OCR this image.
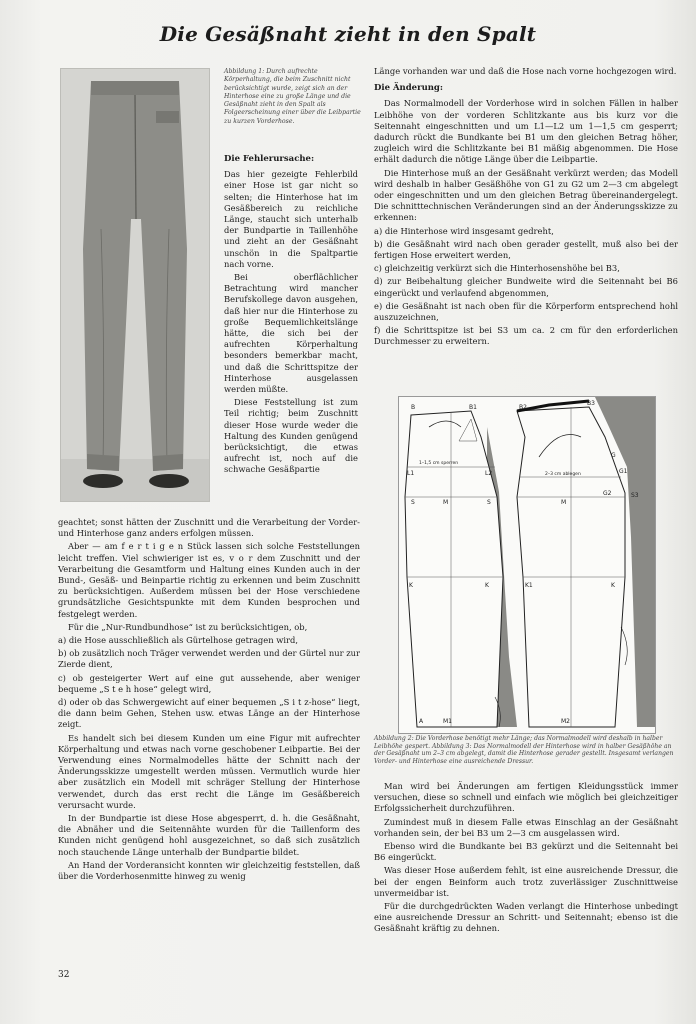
Die Gesäßnaht zieht in den Spalt
Abbildung 1: Durch aufrechte Körperhaltung, die beim Zuschnitt nicht berücksichtigt wurde, zeigt sich an der Hinterhose eine zu große Länge und die Gesäßnaht zieht in den Spalt als Folgeerscheinung einer über die Leibpartie zu kurzen Vorderhose.
Die Fehlerursache:

Das hier gezeigte Fehlerbild einer Hose ist gar nicht so selten; die Hinterhose hat im Gesäßbereich zu reichliche Länge, staucht sich unterhalb der Bundpartie in Taillenhöhe und zieht an der Gesäßnaht unschön in die Spaltpartie nach vorne.

Bei oberflächlicher Betrachtung wird mancher Berufskollege davon ausgehen, daß hier nur die Hinterhose zu große Bequemlichkeitslänge hätte, die sich bei der aufrechten Körperhaltung besonders bemerkbar macht, und daß die Schrittspitze der Hinterhose ausgelassen werden müßte.

Diese Feststellung ist zum Teil richtig; beim Zuschnitt dieser Hose wurde weder die Haltung des Kunden genügend berücksichtigt, die etwas aufrecht ist, noch auf die schwache Gesäßpartie

geachtet; sonst hätten der Zuschnitt und die Verarbeitung der Vorder- und Hinterhose ganz anders erfolgen müssen.

Aber — am f e r t i g e n Stück lassen sich solche Feststellungen leicht treffen. Viel schwieriger ist es, v o r dem Zuschnitt und der Verarbeitung die Gesamtform und Haltung eines Kunden auch in der Bund-, Gesäß- und Beinpartie richtig zu erkennen und beim Zuschnitt zu berücksichtigen. Außerdem müssen bei der Hose verschiedene grundsätzliche Gesichtspunkte mit dem Kunden besprochen und festgelegt werden.

Für die „Nur-Rundbundhose“ ist zu berücksichtigen, ob,

a) die Hose ausschließlich als Gürtelhose getragen wird,

b) ob zusätzlich noch Träger verwendet werden und der Gürtel nur zur Zierde dient,

c) ob gesteigerter Wert auf eine gut aussehende, aber weniger bequeme „S t e h hose“ gelegt wird,

d) oder ob das Schwergewicht auf einer bequemen „S i t z-hose“ liegt, die dann beim Gehen, Stehen usw. etwas Länge an der Hinterhose zeigt.

Es handelt sich bei diesem Kunden um eine Figur mit aufrechter Körperhaltung und etwas nach vorne geschobener Leibpartie. Bei der Verwendung eines Normalmodelles hätte der Schnitt nach der Änderungsskizze umgestellt werden müssen. Vermutlich wurde hier aber zusätzlich ein Modell mit schräger Stellung der Hinterhose verwendet, durch das erst recht die Länge im Gesäßbereich verursacht wurde.

In der Bundpartie ist diese Hose abgesperrt, d. h. die Gesäßnaht, die Abnäher und die Seitennähte wurden für die Taillenform des Kunden nicht genügend hohl ausgezeichnet, so daß sich zusätzlich noch stauchende Länge unterhalb der Bundpartie bildet.

An Hand der Vorderansicht konnten wir gleichzeitig feststellen, daß über die Vorderhosenmitte hinweg zu wenig

Länge vorhanden war und daß die Hose nach vorne hochgezogen wird.

Die Änderung:

Das Normalmodell der Vorderhose wird in solchen Fällen in halber Leibhöhe von der vorderen Schlitzkante aus bis kurz vor die Seitennaht eingeschnitten und um L1—L2 um 1—1,5 cm gesperrt; dadurch rückt die Bundkante bei B1 um den gleichen Betrag höher, zugleich wird die Schlitzkante bei B1 mäßig abgenommen. Die Hose erhält dadurch die nötige Länge über die Leibpartie.

Die Hinterhose muß an der Gesäßnaht verkürzt werden; das Modell wird deshalb in halber Gesäßhöhe von G1 zu G2 um 2—3 cm abgelegt oder eingeschnitten und um den gleichen Betrag übereinandergelegt. Die schnitttechnischen Veränderungen sind an der Änderungsskizze zu erkennen:

a) die Hinterhose wird insgesamt gedreht,

b) die Gesäßnaht wird nach oben gerader gestellt, muß also bei der fertigen Hose erweitert werden,

c) gleichzeitig verkürzt sich die Hinterhosenshöhe bei B3,

d) zur Beibehaltung gleicher Bundweite wird die Seitennaht bei B6 eingerückt und verlaufend abgenommen,

e) die Gesäßnaht ist nach oben für die Körperform entsprechend hohl auszuzeichnen,

f) die Schrittspitze ist bei S3 um ca. 2 cm für den erforderlichen Durchmesser zu erweitern.

B	B1
L1	L2
M
S	S
K	K
M1
A
B2
B3
G
G1
G2	S3
M
K1	K
M2
1–1,5 cm sperren
2–3 cm ablegen
Abbildung 2: Die Vorderhose benötigt mehr Länge; das Normalmodell wird deshalb in halber Leibhöhe gespert. Abbildung 3: Das Normalmodell der Hinterhose wird in halber Gesäßhöhe an der Gesäßnaht um 2–3 cm abgelegt, damit die Hinterhose gerader gestellt. Insgesamt verlangen Vorder- und Hinterhose eine ausreichende Dressur.

Man wird bei Änderungen am fertigen Kleidungsstück immer versuchen, diese so schnell und einfach wie möglich bei gleichzeitiger Erfolgssicherheit durchzuführen.

Zumindest muß in diesem Falle etwas Einschlag an der Gesäßnaht vorhanden sein, der bei B3 um 2—3 cm ausgelassen wird.

Ebenso wird die Bundkante bei B3 gekürzt und die Seitennaht bei B6 eingerückt.

Was dieser Hose außerdem fehlt, ist eine ausreichende Dressur, die bei der engen Beinform auch trotz zuverlässiger Zuschnittweise unvermeidbar ist.

Für die durchgedrückten Waden verlangt die Hinterhose unbedingt eine ausreichende Dressur an Schritt- und Seitennaht; ebenso ist die Gesäßnaht kräftig zu dehnen.

32
